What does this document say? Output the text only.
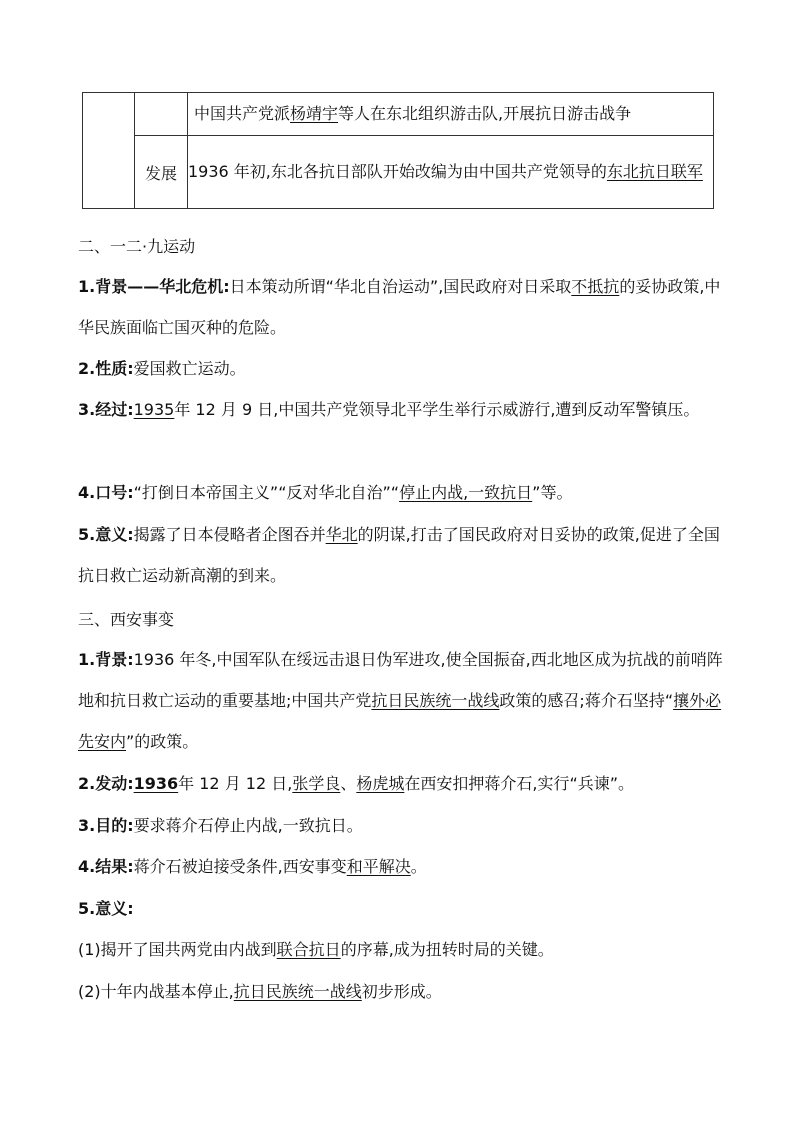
		中国共产党派杨靖宇等人在东北组织游击队,开展抗日游击战争
	发展	1936 年初,东北各抗日部队开始改编为由中国共产党领导的东北抗日联军
二、一二·九运动
1.背景——华北危机:日本策动所谓“华北自治运动”,国民政府对日采取不抵抗的妥协政策,中华民族面临亡国灭种的危险。
2.性质:爱国救亡运动。
3.经过:1935年 12 月 9 日,中国共产党领导北平学生举行示威游行,遭到反动军警镇压。
4.口号:“打倒日本帝国主义”“反对华北自治”“停止内战,一致抗日”等。
5.意义:揭露了日本侵略者企图吞并华北的阴谋,打击了国民政府对日妥协的政策,促进了全国抗日救亡运动新高潮的到来。
三、西安事变
1.背景:1936 年冬,中国军队在绥远击退日伪军进攻,使全国振奋,西北地区成为抗战的前哨阵地和抗日救亡运动的重要基地;中国共产党抗日民族统一战线政策的感召;蒋介石坚持“攘外必先安内”的政策。
2.发动:1936年 12 月 12 日,张学良、杨虎城在西安扣押蒋介石,实行“兵谏”。
3.目的:要求蒋介石停止内战,一致抗日。
4.结果:蒋介石被迫接受条件,西安事变和平解决。
5.意义:
(1)揭开了国共两党由内战到联合抗日的序幕,成为扭转时局的关键。
(2)十年内战基本停止,抗日民族统一战线初步形成。
